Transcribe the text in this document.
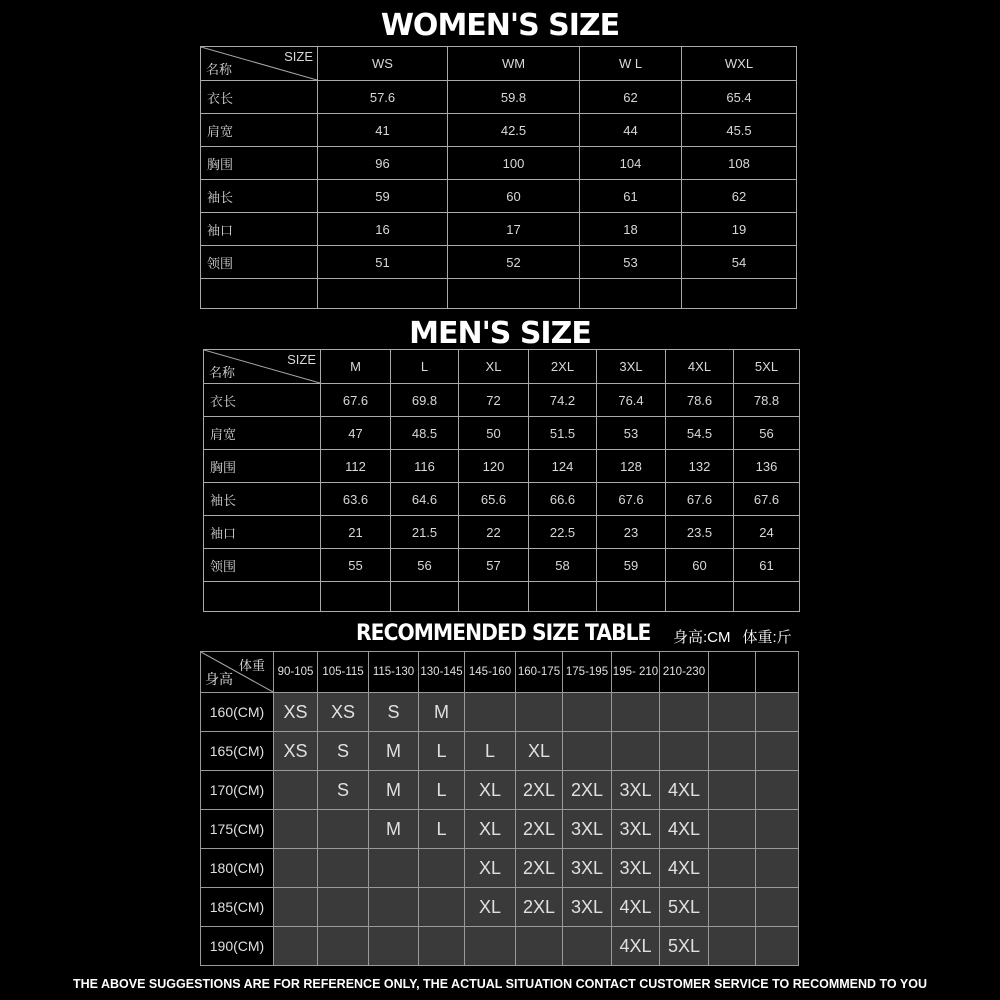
WOMEN'S SIZE
SIZE
名称	WS	WM	W L	WXL
衣长	57.6	59.8	62	65.4
肩宽	41	42.5	44	45.5
胸围	96	100	104	108
袖长	59	60	61	62
袖口	16	17	18	19
领围	51	52	53	54

MEN'S SIZE
SIZE
名称	M	L	XL	2XL	3XL	4XL	5XL
衣长	67.6	69.8	72	74.2	76.4	78.6	78.8
肩宽	47	48.5	50	51.5	53	54.5	56
胸围	112	116	120	124	128	132	136
袖长	63.6	64.6	65.6	66.6	67.6	67.6	67.6
袖口	21	21.5	22	22.5	23	23.5	24
领围	55	56	57	58	59	60	61

RECOMMENDED SIZE TABLE 身高:CM 体重:斤
体重
身高	90-105	105-115	115-130	130-145	145-160	160-175	175-195	195- 210	210-230		
160(CM)	XS	XS	S	M							
165(CM)	XS	S	M	L	L	XL					
170(CM)		S	M	L	XL	2XL	2XL	3XL	4XL		
175(CM)			M	L	XL	2XL	3XL	3XL	4XL		
180(CM)					XL	2XL	3XL	3XL	4XL		
185(CM)					XL	2XL	3XL	4XL	5XL		
190(CM)								4XL	5XL		
THE ABOVE SUGGESTIONS ARE FOR REFERENCE ONLY, THE ACTUAL SITUATION CONTACT CUSTOMER SERVICE TO RECOMMEND TO YOU
